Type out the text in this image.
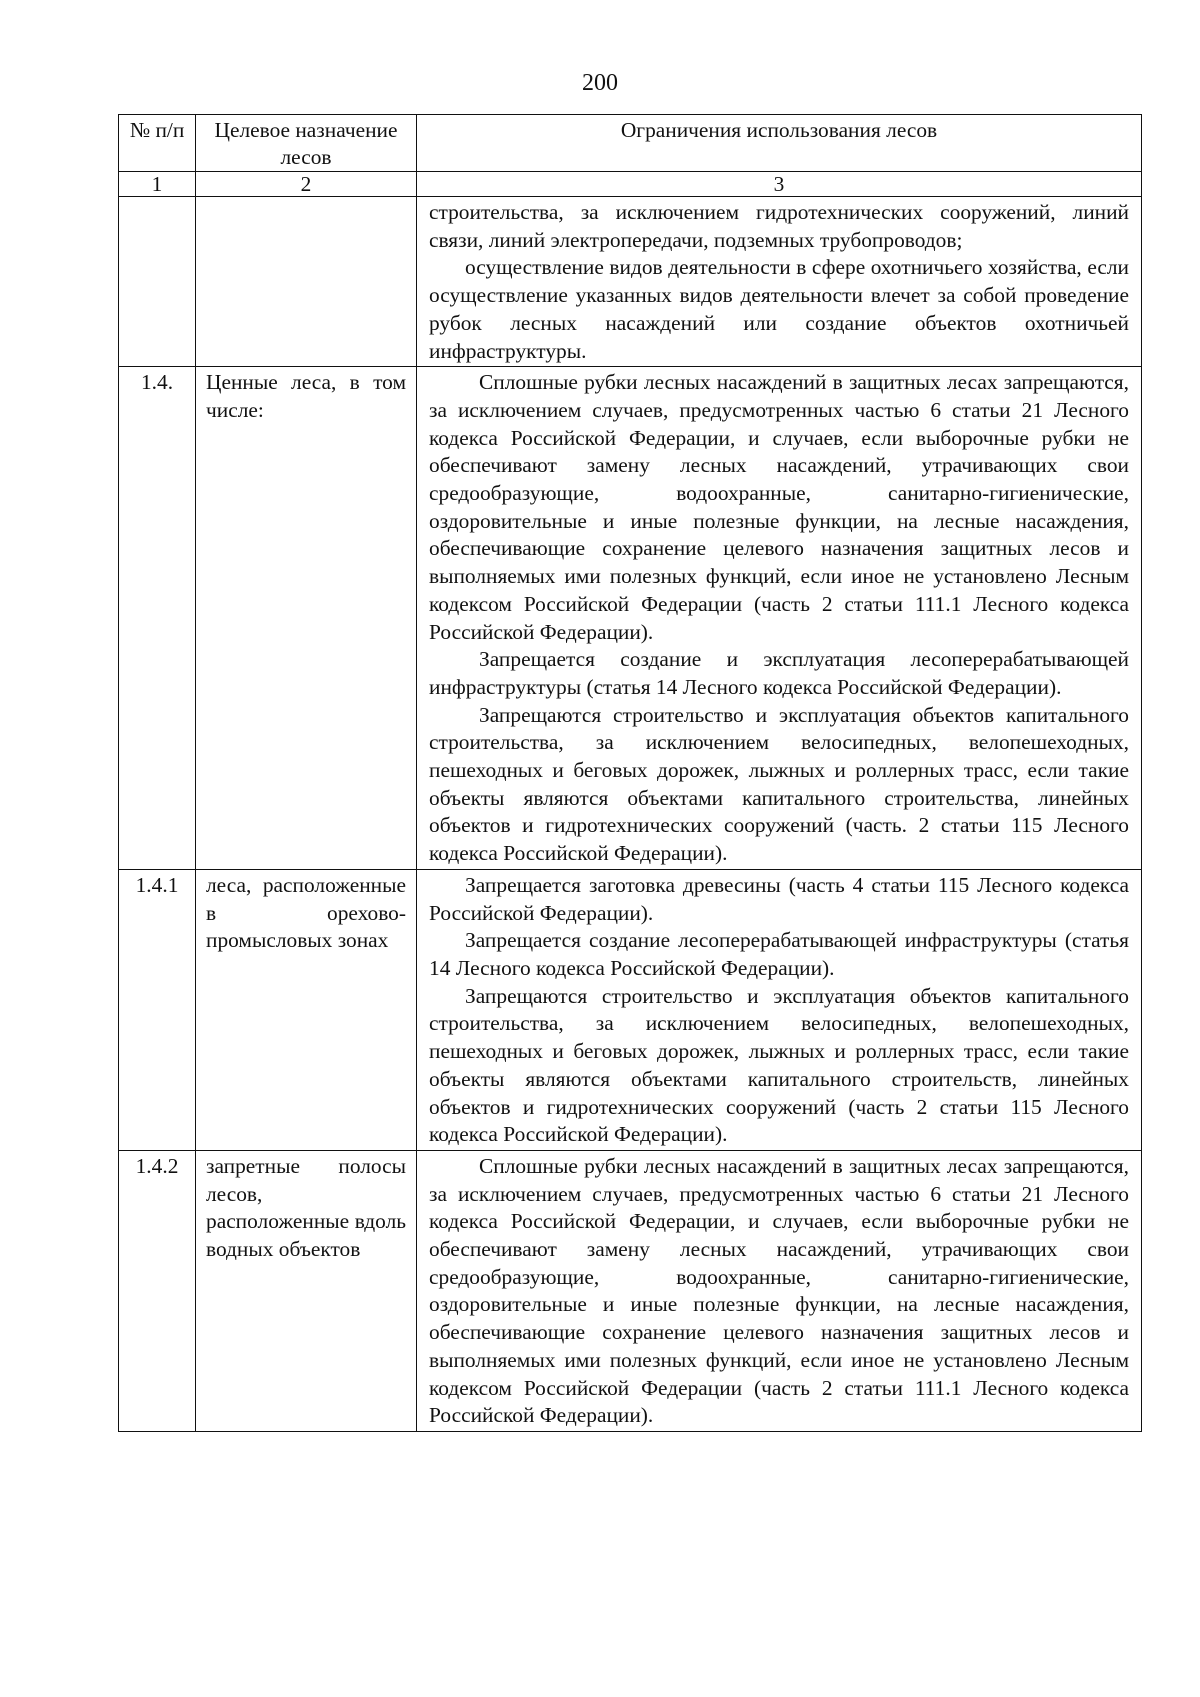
200
№ п/п	Целевое назначение лесов	Ограничения использования лесов
1	2	3

		строительства, за исключением гидротехнических сооружений, линий связи, линий электропередачи, подземных трубопроводов;
осуществление видов деятельности в сфере охотничьего хозяйства, если осуществление указанных видов деятельности влечет за собой проведение рубок лесных насаждений или создание объектов охотничьей инфраструктуры.

1.4.	Ценные леса, в том числе:	Сплошные рубки лесных насаждений в защитных лесах запрещаются, за исключением случаев, предусмотренных частью 6 статьи 21 Лесного кодекса Российской Федерации, и случаев, если выборочные рубки не обеспечивают замену лесных насаждений, утрачивающих свои средообразующие, водоохранные, санитарно-гигиенические, оздоровительные и иные полезные функции, на лесные насаждения, обеспечивающие сохранение целевого назначения защитных лесов и выполняемых ими полезных функций, если иное не установлено Лесным кодексом Российской Федерации (часть 2 статьи 111.1 Лесного кодекса Российской Федерации).
Запрещается создание и эксплуатация лесоперерабатывающей инфраструктуры (статья 14 Лесного кодекса Российской Федерации).
Запрещаются строительство и эксплуатация объектов капитального строительства, за исключением велосипедных, велопешеходных, пешеходных и беговых дорожек, лыжных и роллерных трасс, если такие объекты являются объектами капитального строительства, линейных объектов и гидротехнических сооружений (часть. 2 статьи 115 Лесного кодекса Российской Федерации).

1.4.1	леса, расположенные в орехово-промысловых зонах	Запрещается заготовка древесины (часть 4 статьи 115 Лесного кодекса Российской Федерации).
Запрещается создание лесоперерабатывающей инфраструктуры (статья 14 Лесного кодекса Российской Федерации).
Запрещаются строительство и эксплуатация объектов капитального строительства, за исключением велосипедных, велопешеходных, пешеходных и беговых дорожек, лыжных и роллерных трасс, если такие объекты являются объектами капитального строительств, линейных объектов и гидротехнических сооружений (часть 2 статьи 115 Лесного кодекса Российской Федерации).

1.4.2	запретные полосы лесов, расположенные вдоль водных объектов	Сплошные рубки лесных насаждений в защитных лесах запрещаются, за исключением случаев, предусмотренных частью 6 статьи 21 Лесного кодекса Российской Федерации, и случаев, если выборочные рубки не обеспечивают замену лесных насаждений, утрачивающих свои средообразующие, водоохранные, санитарно-гигиенические, оздоровительные и иные полезные функции, на лесные насаждения, обеспечивающие сохранение целевого назначения защитных лесов и выполняемых ими полезных функций, если иное не установлено Лесным кодексом Российской Федерации (часть 2 статьи 111.1 Лесного кодекса Российской Федерации).
